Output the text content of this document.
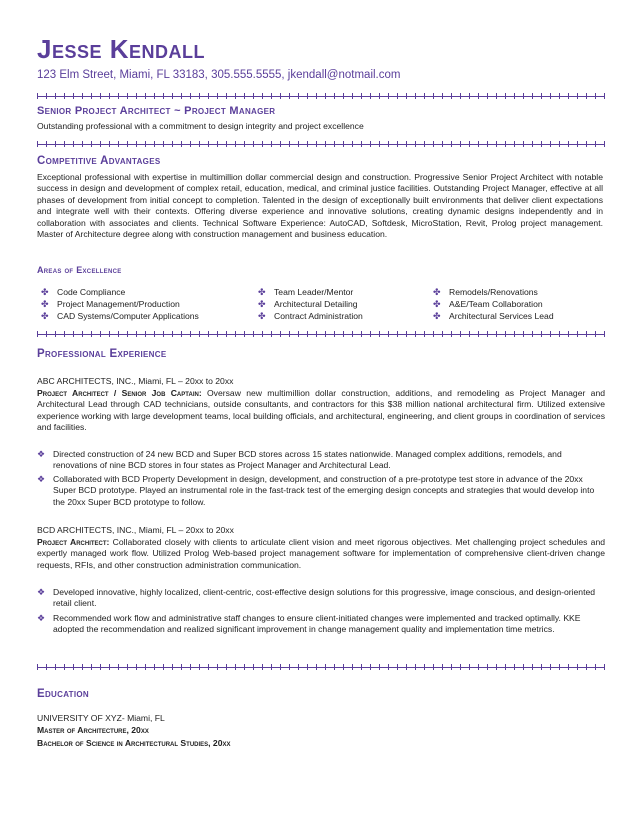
Jesse Kendall
123 Elm Street, Miami, FL 33183, 305.555.5555, jkendall@notmail.com
Senior Project Architect ~ Project Manager
Outstanding professional with a commitment to design integrity and project excellence
Competitive Advantages
Exceptional professional with expertise in multimillion dollar commercial design and construction. Progressive Senior Project Architect with notable success in design and development of complex retail, education, medical, and criminal justice facilities. Outstanding Project Manager, effective at all phases of development from initial concept to completion. Talented in the design of exceptionally built environments that deliver client expectations and integrate well with their contexts. Offering diverse experience and innovative solutions, creating dynamic designs independently and in collaboration with associates and clients. Technical Software Experience: AutoCAD, Softdesk, MicroStation, Revit, Prolog project management. Master of Architecture degree along with construction management and business education.
Areas of Excellence
✤ Code Compliance
✤ Project Management/Production
✤ CAD Systems/Computer Applications
✤ Team Leader/Mentor
✤ Architectural Detailing
✤ Contract Administration
✤ Remodels/Renovations
✤ A&E/Team Collaboration
✤ Architectural Services Lead
Professional Experience
ABC ARCHITECTS, INC., Miami, FL – 20xx to 20xx
Project Architect / Senior Job Captain: Oversaw new multimillion dollar construction, additions, and remodeling as Project Manager and Architectural Lead through CAD technicians, outside consultants, and contractors for this $38 million national architectural firm. Utilized extensive experience working with large development teams, local building officials, and architectural, engineering, and client groups in coordination of services and facilities.
❖ Directed construction of 24 new BCD and Super BCD stores across 15 states nationwide. Managed complex additions, remodels, and renovations of nine BCD stores in four states as Project Manager and Architectural Lead.
❖ Collaborated with BCD Property Development in design, development, and construction of a pre-prototype test store in advance of the 20xx Super BCD prototype. Played an instrumental role in the fast-track test of the emerging design concepts and strategies that would develop into the 20xx Super BCD prototype to follow.
BCD ARCHITECTS, INC., Miami, FL – 20xx to 20xx
Project Architect: Collaborated closely with clients to articulate client vision and meet rigorous objectives. Met challenging project schedules and expertly managed work flow. Utilized Prolog Web-based project management software for implementation of comprehensive client-driven change requests, RFIs, and other construction administration communication.
❖ Developed innovative, highly localized, client-centric, cost-effective design solutions for this progressive, image conscious, and design-oriented retail client.
❖ Recommended work flow and administrative staff changes to ensure client-initiated changes were implemented and tracked optimally. KKE adopted the recommendation and realized significant improvement in change management quality and implementation time metrics.
Education
UNIVERSITY OF XYZ- Miami, FL
Master of Architecture, 20xx
Bachelor of Science in Architectural Studies, 20xx
